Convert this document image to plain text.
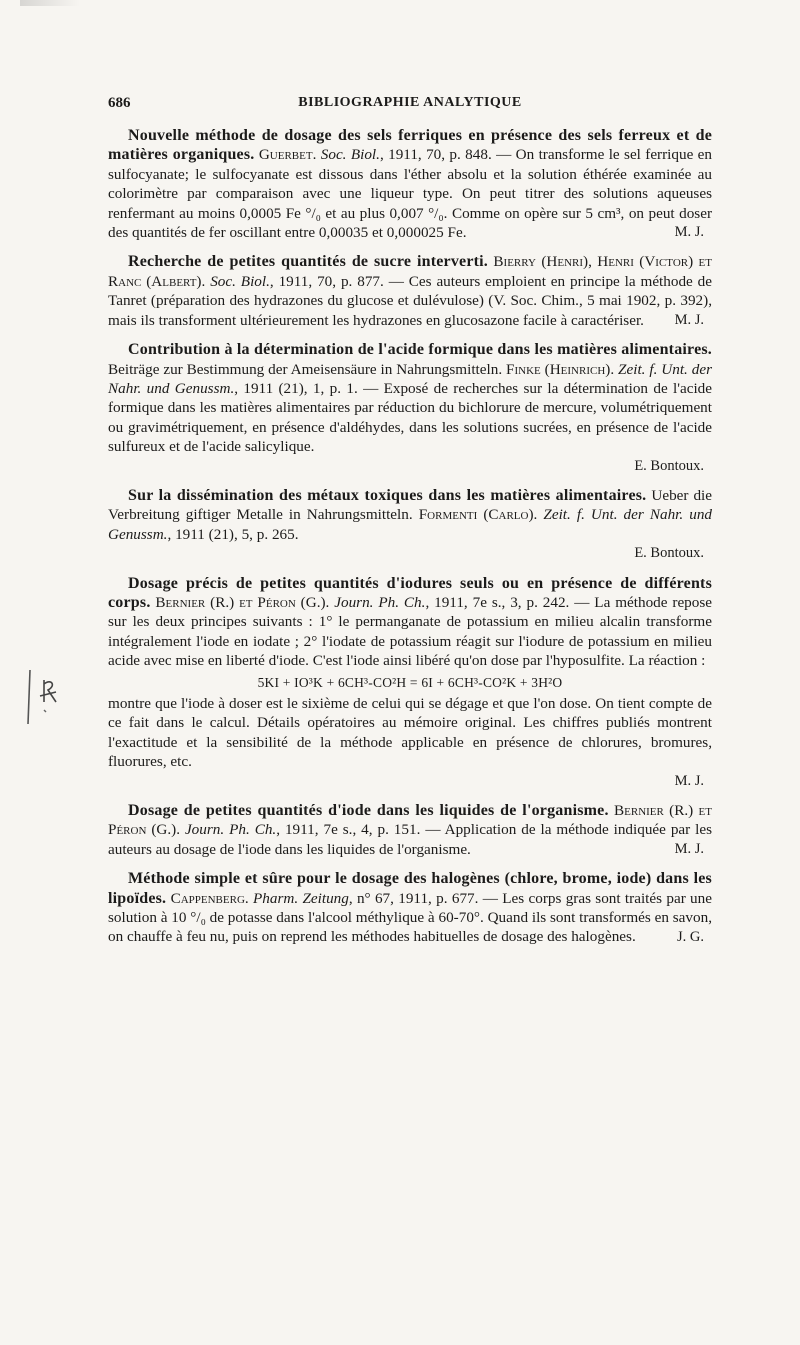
686	BIBLIOGRAPHIE ANALYTIQUE

Nouvelle méthode de dosage des sels ferriques en présence des sels ferreux et de matières organiques. Guerbet. Soc. Biol., 1911, 70, p. 848. — On transforme le sel ferrique en sulfocyanate; le sulfocyanate est dissous dans l'éther absolu et la solution éthérée examinée au colorimètre par comparaison avec une liqueur type. On peut titrer des solutions aqueuses renfermant au moins 0,0005 Fe °/₀ et au plus 0,007 °/₀. Comme on opère sur 5 cm³, on peut doser des quantités de fer oscillant entre 0,00035 et 0,000025 Fe.	M. J.

Recherche de petites quantités de sucre interverti. Bierry (Henri), Henri (Victor) et Ranc (Albert). Soc. Biol., 1911, 70, p. 877. — Ces auteurs emploient en principe la méthode de Tanret (préparation des hydrazones du glucose et dulévulose) (V. Soc. Chim., 5 mai 1902, p. 392), mais ils transforment ultérieurement les hydrazones en glucosazone facile à caractériser.	M. J.

Contribution à la détermination de l'acide formique dans les matières alimentaires. Beiträge zur Bestimmung der Ameisensäure in Nahrungsmitteln. Finke (Heinrich). Zeit. f. Unt. der Nahr. und Genussm., 1911 (21), 1, p. 1. — Exposé de recherches sur la détermination de l'acide formique dans les matières alimentaires par réduction du bichlorure de mercure, volumétriquement ou gravimétriquement, en présence d'aldéhydes, dans les solutions sucrées, en présence de l'acide sulfureux et de l'acide salicylique.

E. Bontoux.

Sur la dissémination des métaux toxiques dans les matières alimentaires. Ueber die Verbreitung giftiger Metalle in Nahrungsmitteln. Formenti (Carlo). Zeit. f. Unt. der Nahr. und Genussm., 1911 (21), 5, p. 265.

E. Bontoux.

Dosage précis de petites quantités d'iodures seuls ou en présence de différents corps. Bernier (R.) et Péron (G.). Journ. Ph. Ch., 1911, 7e s., 3, p. 242. — La méthode repose sur les deux principes suivants : 1° le permanganate de potassium en milieu alcalin transforme intégralement l'iode en iodate ; 2° l'iodate de potassium réagit sur l'iodure de potassium en milieu acide avec mise en liberté d'iode. C'est l'iode ainsi libéré qu'on dose par l'hyposulfite. La réaction :

5KI + IO³K + 6CH³-CO²H = 6I + 6CH³-CO²K + 3H²O

montre que l'iode à doser est le sixième de celui qui se dégage et que l'on dose. On tient compte de ce fait dans le calcul. Détails opératoires au mémoire original. Les chiffres publiés montrent l'exactitude et la sensibilité de la méthode applicable en présence de chlorures, bromures, fluorures, etc.

M. J.

Dosage de petites quantités d'iode dans les liquides de l'organisme. Bernier (R.) et Péron (G.). Journ. Ph. Ch., 1911, 7e s., 4, p. 151. — Application de la méthode indiquée par les auteurs au dosage de l'iode dans les liquides de l'organisme.	M. J.

Méthode simple et sûre pour le dosage des halogènes (chlore, brome, iode) dans les lipoïdes. Cappenberg. Pharm. Zeitung, n° 67, 1911, p. 677. — Les corps gras sont traités par une solution à 10 °/₀ de potasse dans l'alcool méthylique à 60-70°. Quand ils sont transformés en savon, on chauffe à feu nu, puis on reprend les méthodes habituelles de dosage des halogènes.	J. G.
